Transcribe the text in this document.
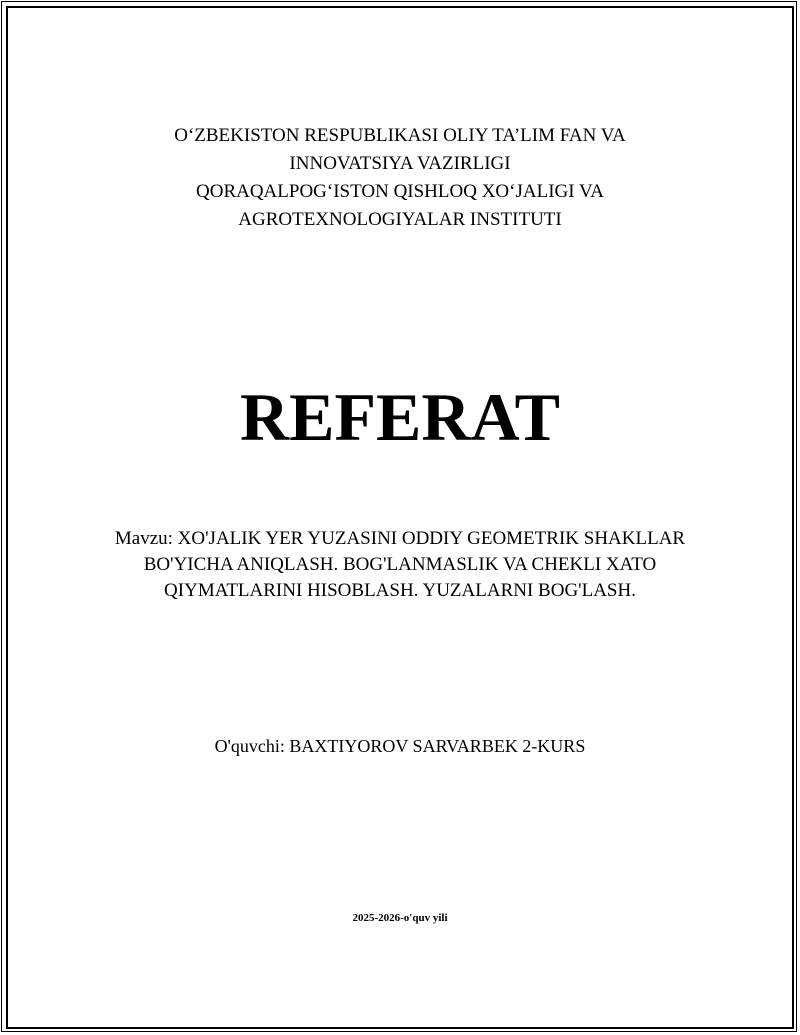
O‘ZBEKISTON RESPUBLIKASI OLIY TA’LIM FAN VA
INNOVATSIYA VAZIRLIGI
QORAQALPOG‘ISTON QISHLOQ XO‘JALIGI VA
AGROTEXNOLOGIYALAR INSTITUTI
REFERAT
Mavzu: XO'JALIK YER YUZASINI ODDIY GEOMETRIK SHAKLLAR
BO'YICHA ANIQLASH. BOG'LANMASLIK VA CHEKLI XATO
QIYMATLARINI HISOBLASH. YUZALARNI BOG'LASH.
O'quvchi: BAXTIYOROV SARVARBEK 2-KURS
2025-2026-o'quv yili
